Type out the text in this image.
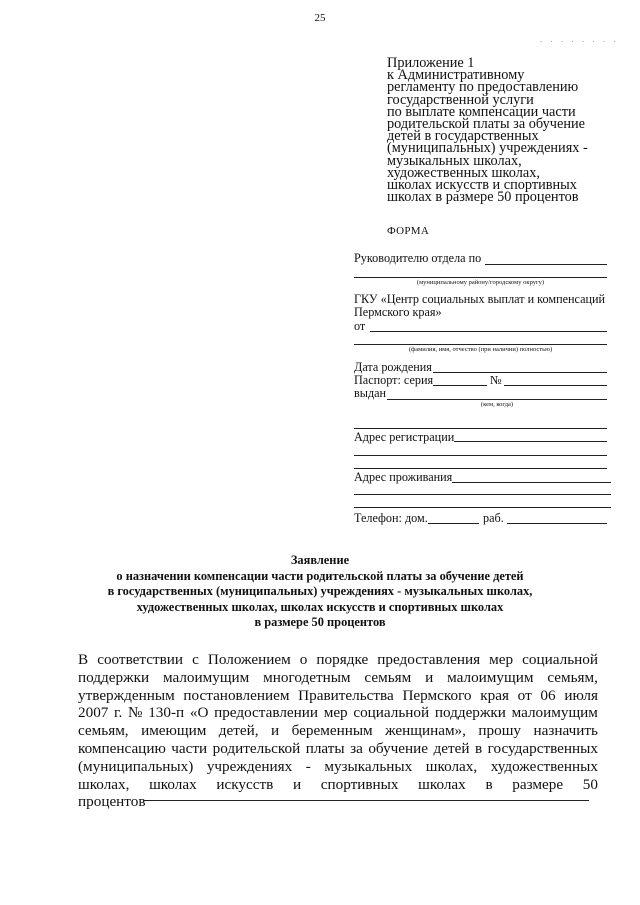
25
. . . . . . . .
Приложение 1
к Административному
регламенту по предоставлению
государственной услуги
по выплате компенсации части
родительской платы за обучение
детей в государственных
(муниципальных) учреждениях -
музыкальных школах,
художественных школах,
школах искусств и спортивных
школах в размере 50 процентов
ФОРМА
Руководителю отдела по
(муниципальному району/городскому округу)
ГКУ «Центр социальных выплат и компенсаций
Пермского края»
от
(фамилия, имя, отчество (при наличии) полностью)
Дата рождения
Паспорт: серия	№
выдан
(кем, когда)
Адрес регистрации
Адрес проживания
Телефон: дом.	раб.
Заявление
о назначении компенсации части родительской платы за обучение детей
в государственных (муниципальных) учреждениях - музыкальных школах,
художественных школах, школах искусств и спортивных школах
в размере 50 процентов
В соответствии с Положением о порядке предоставления мер социальной
поддержки малоимущим многодетным семьям и малоимущим семьям,
утвержденным постановлением Правительства Пермского края от 06 июля
2007 г. № 130-п «О предоставлении мер социальной поддержки малоимущим
семьям, имеющим детей, и беременным женщинам», прошу назначить
компенсацию части родительской платы за обучение детей в государственных
(муниципальных) учреждениях - музыкальных школах, художественных
школах, школах искусств и спортивных школах в размере 50
процентов
